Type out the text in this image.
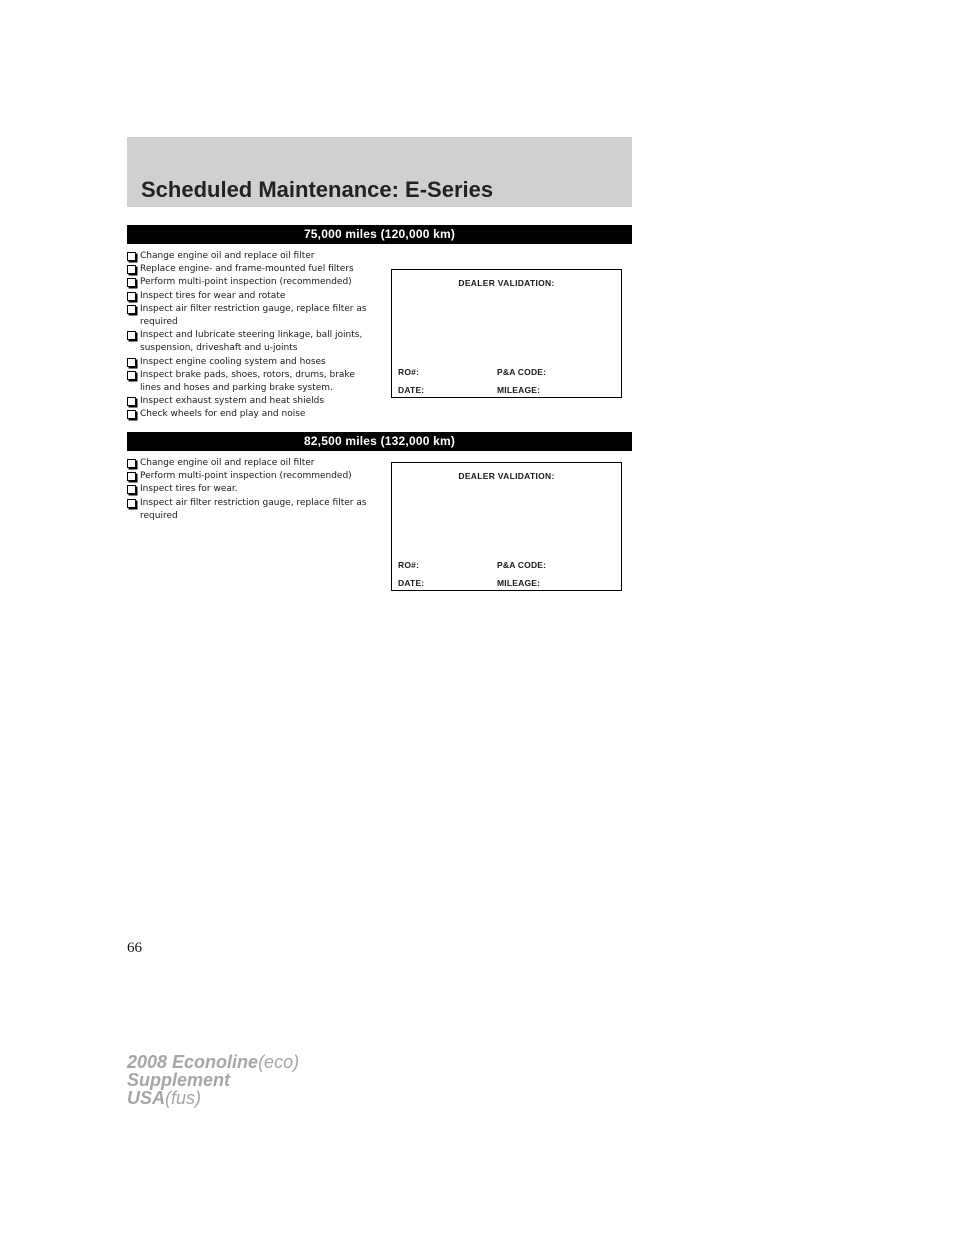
Scheduled Maintenance: E-Series
75,000 miles (120,000 km)
Change engine oil and replace oil filter
Replace engine- and frame-mounted fuel filters
Perform multi-point inspection (recommended)
Inspect tires for wear and rotate
Inspect air filter restriction gauge, replace filter as required
Inspect and lubricate steering linkage, ball joints, suspension, driveshaft and u-joints
Inspect engine cooling system and hoses
Inspect brake pads, shoes, rotors, drums, brake lines and hoses and parking brake system.
Inspect exhaust system and heat shields
Check wheels for end play and noise
DEALER VALIDATION:
RO#:	P&A CODE:
DATE:	MILEAGE:
82,500 miles (132,000 km)
Change engine oil and replace oil filter
Perform multi-point inspection (recommended)
Inspect tires for wear.
Inspect air filter restriction gauge, replace filter as required
DEALER VALIDATION:
RO#:	P&A CODE:
DATE:	MILEAGE:
66
2008 Econoline(eco)
Supplement
USA(fus)
